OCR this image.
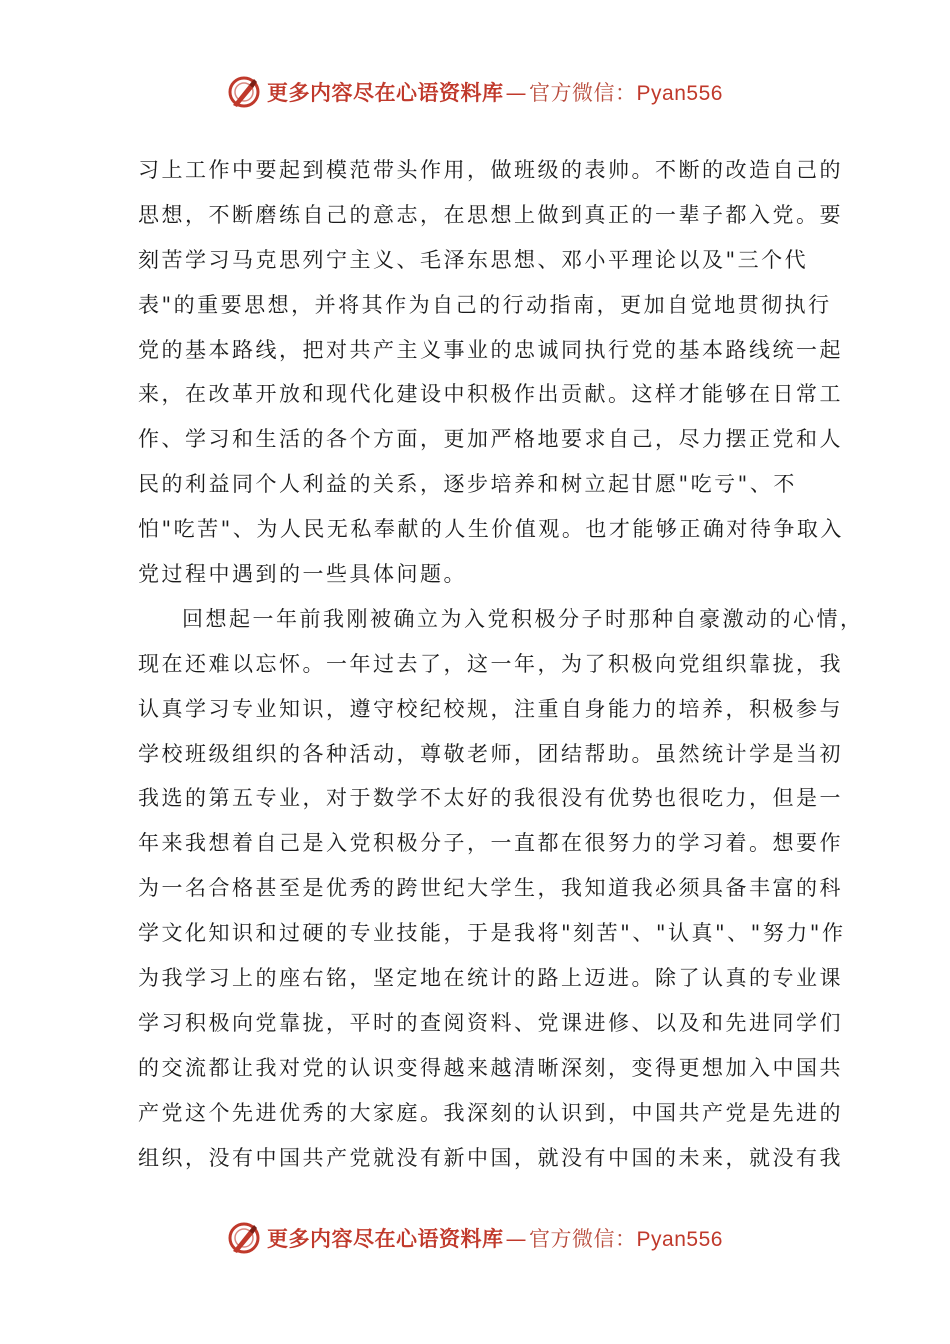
更多内容尽在心语资料库 — 官方微信： Pyan556
习上工作中要起到模范带头作用，做班级的表帅。不断的改造自己的
思想，不断磨练自己的意志，在思想上做到真正的一辈子都入党。要
刻苦学习马克思列宁主义、毛泽东思想、邓小平理论以及"三个代
表"的重要思想，并将其作为自己的行动指南，更加自觉地贯彻执行
党的基本路线，把对共产主义事业的忠诚同执行党的基本路线统一起
来，在改革开放和现代化建设中积极作出贡献。这样才能够在日常工
作、学习和生活的各个方面，更加严格地要求自己，尽力摆正党和人
民的利益同个人利益的关系，逐步培养和树立起甘愿"吃亏"、不
怕"吃苦"、为人民无私奉献的人生价值观。也才能够正确对待争取入
党过程中遇到的一些具体问题。
回想起一年前我刚被确立为入党积极分子时那种自豪激动的心情，
现在还难以忘怀。一年过去了，这一年，为了积极向党组织靠拢，我
认真学习专业知识，遵守校纪校规，注重自身能力的培养，积极参与
学校班级组织的各种活动，尊敬老师，团结帮助。虽然统计学是当初
我选的第五专业，对于数学不太好的我很没有优势也很吃力，但是一
年来我想着自己是入党积极分子，一直都在很努力的学习着。想要作
为一名合格甚至是优秀的跨世纪大学生，我知道我必须具备丰富的科
学文化知识和过硬的专业技能，于是我将"刻苦"、"认真"、"努力"作
为我学习上的座右铭，坚定地在统计的路上迈进。除了认真的专业课
学习积极向党靠拢，平时的查阅资料、党课进修、以及和先进同学们
的交流都让我对党的认识变得越来越清晰深刻，变得更想加入中国共
产党这个先进优秀的大家庭。我深刻的认识到，中国共产党是先进的
组织，没有中国共产党就没有新中国，就没有中国的未来，就没有我
更多内容尽在心语资料库 — 官方微信： Pyan556
